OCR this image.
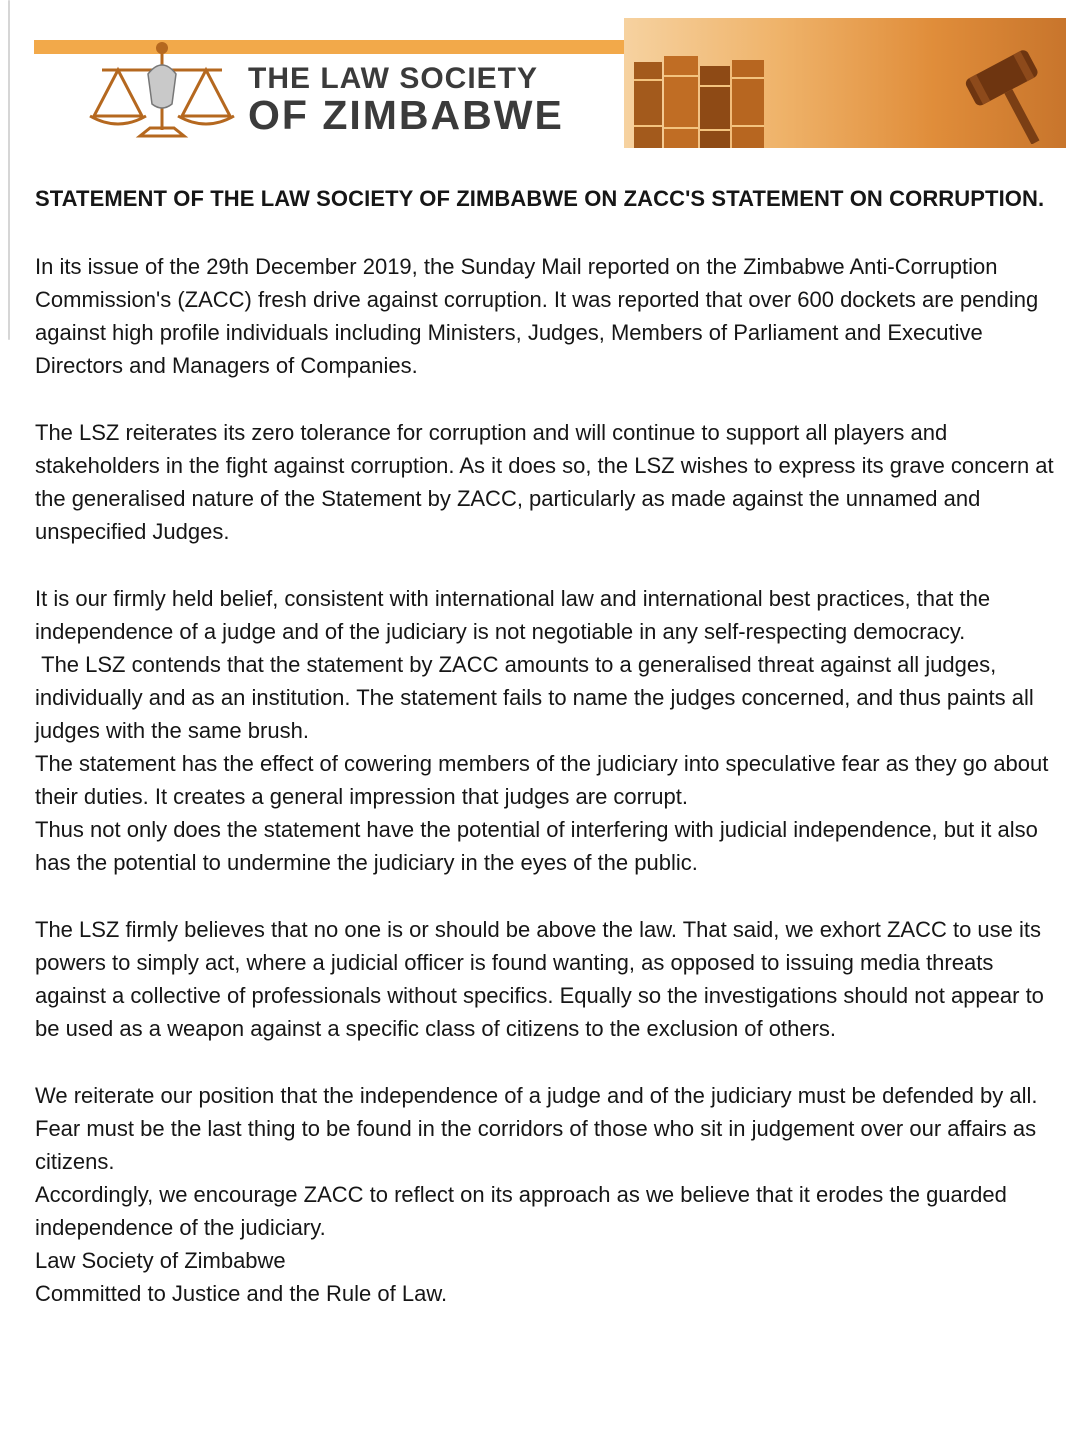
THE LAW SOCIETY
OF ZIMBABWE
STATEMENT OF THE LAW SOCIETY OF ZIMBABWE ON ZACC'S STATEMENT ON CORRUPTION.

In its issue of the 29th December 2019, the Sunday Mail reported on the Zimbabwe Anti-Corruption Commission's (ZACC) fresh drive against corruption. It was reported that over 600 dockets are pending against high profile individuals including Ministers, Judges, Members of Parliament and Executive Directors and Managers of Companies.

The LSZ reiterates its zero tolerance for corruption and will continue to support all players and stakeholders in the fight against corruption. As it does so, the LSZ wishes to express its grave concern at the generalised nature of the Statement by ZACC, particularly as made against the unnamed and unspecified Judges.

It is our firmly held belief, consistent with international law and international best practices, that the independence of a judge and of the judiciary is not negotiable in any self-respecting democracy.

The LSZ contends that the statement by ZACC amounts to a generalised threat against all judges, individually and as an institution. The statement fails to name the judges concerned, and thus paints all judges with the same brush.

The statement has the effect of cowering members of the judiciary into speculative fear as they go about their duties. It creates a general impression that judges are corrupt.

Thus not only does the statement have the potential of interfering with judicial independence, but it also has the potential to undermine the judiciary in the eyes of the public.

The LSZ firmly believes that no one is or should be above the law. That said, we exhort ZACC to use its powers to simply act, where a judicial officer is found wanting, as opposed to issuing media threats against a collective of professionals without specifics. Equally so the investigations should not appear to be used as a weapon against a specific class of citizens to the exclusion of others.

We reiterate our position that the independence of a judge and of the judiciary must be defended by all.  Fear must be the last thing to be found in the corridors of those who sit in judgement over our affairs as citizens.

Accordingly, we encourage ZACC to reflect on its approach as we believe that it erodes the guarded independence of the judiciary.

Law Society of Zimbabwe

Committed to Justice and the Rule of Law.
